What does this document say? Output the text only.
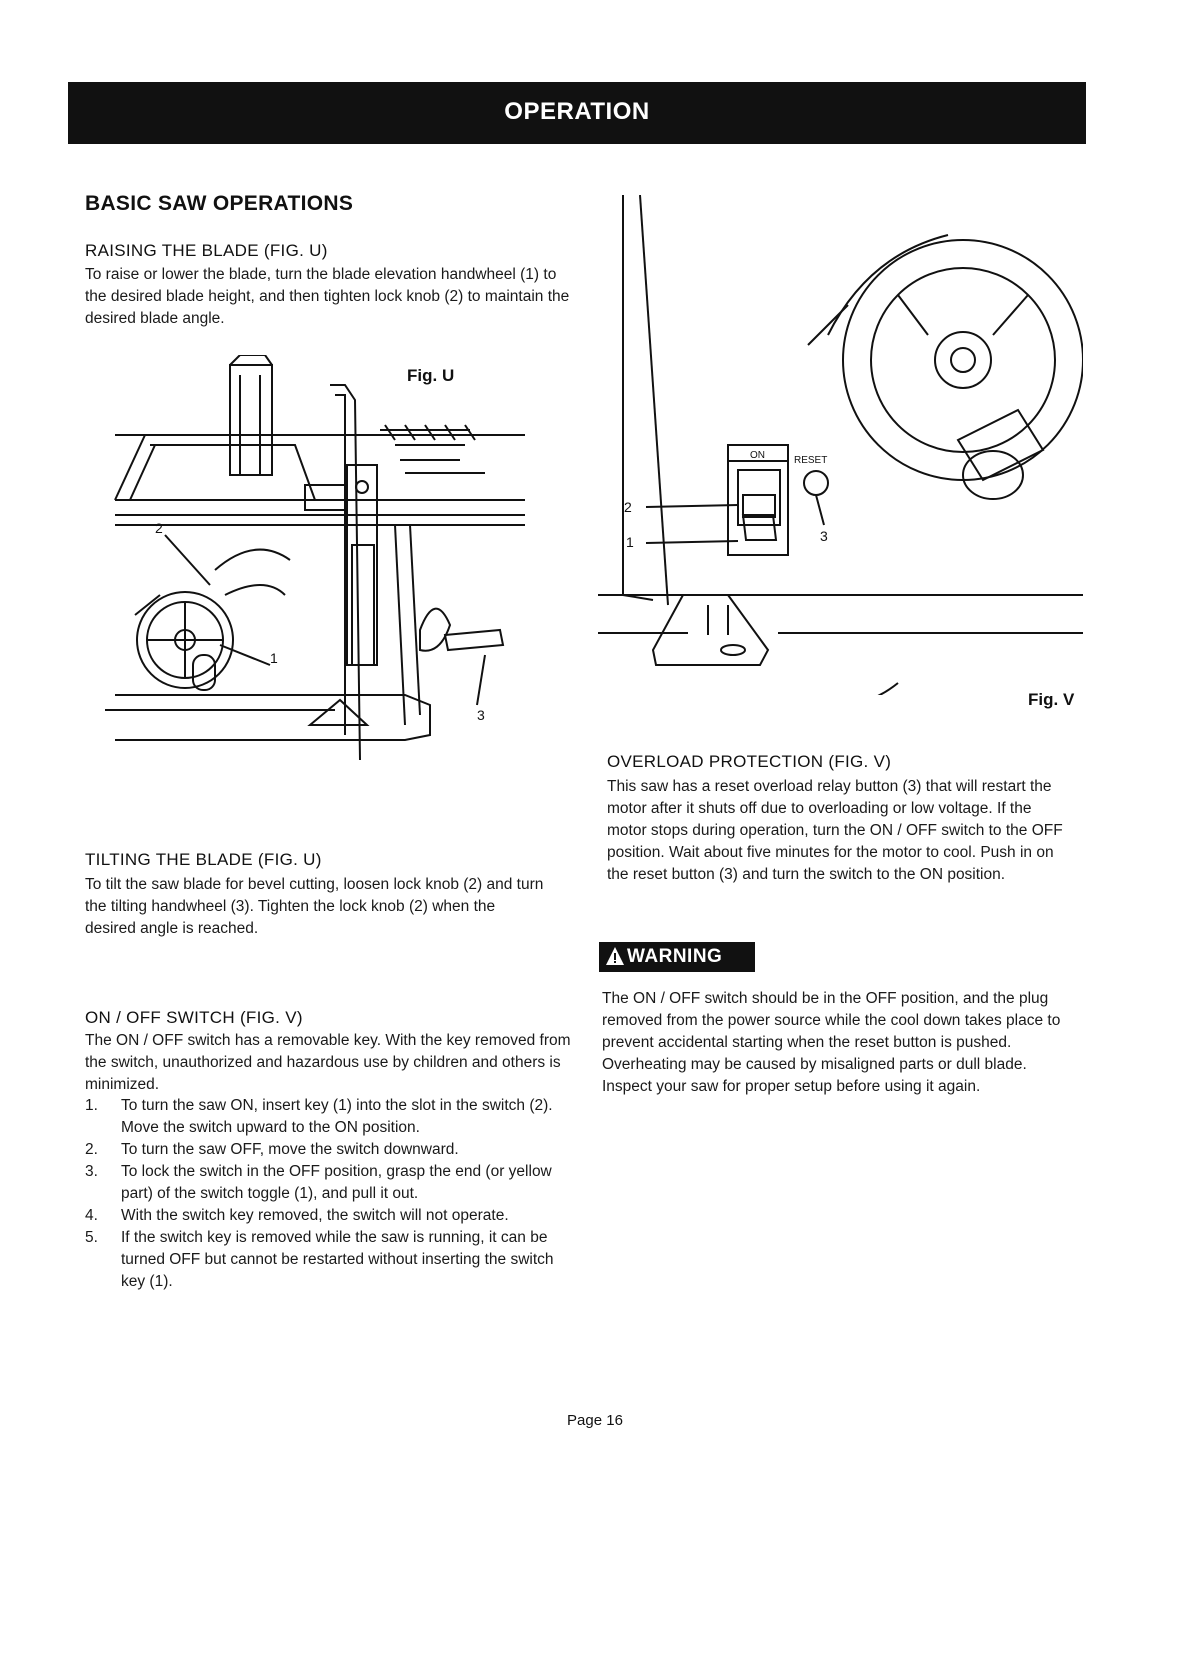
OPERATION
BASIC SAW OPERATIONS
RAISING THE BLADE (FIG. U)
To raise or lower the blade, turn the blade elevation handwheel (1) to the desired blade height, and then tighten lock knob (2) to maintain the desired blade angle.
Fig. U
2
1
3
TILTING THE BLADE (FIG. U)
To tilt the saw blade for bevel cutting, loosen lock knob (2) and turn the tilting handwheel (3). Tighten the lock knob (2) when the desired angle is reached.
ON / OFF SWITCH (FIG. V)
The ON / OFF switch has a removable key. With the key removed from the switch, unauthorized and hazardous use by children and others is minimized.
1. To turn the saw ON, insert key (1) into the slot in the switch (2). Move the switch upward to the ON position.
2. To turn the saw OFF, move the switch downward.
3. To lock the switch in the OFF position, grasp the end (or yellow part) of the switch toggle (1), and pull it out.
4. With the switch key removed, the switch will not operate.
5. If the switch key is removed while the saw is running, it can be turned OFF but cannot be restarted without inserting the switch key (1).
ON	RESET
2
1	3
Fig. V
OVERLOAD PROTECTION (FIG. V)
This saw has a reset overload relay button (3) that will restart the motor after it shuts off due to overloading or low voltage. If the motor stops during operation, turn the ON / OFF switch to the OFF position. Wait about five minutes for the motor to cool. Push in on the reset button (3) and turn the switch to the ON position.
WARNING
The ON / OFF switch should be in the OFF position, and the plug removed from the power source while the cool down takes place to prevent accidental starting when the reset button is pushed. Overheating may be caused by misaligned parts or dull blade. Inspect your saw for proper setup before using it again.
Page 16
